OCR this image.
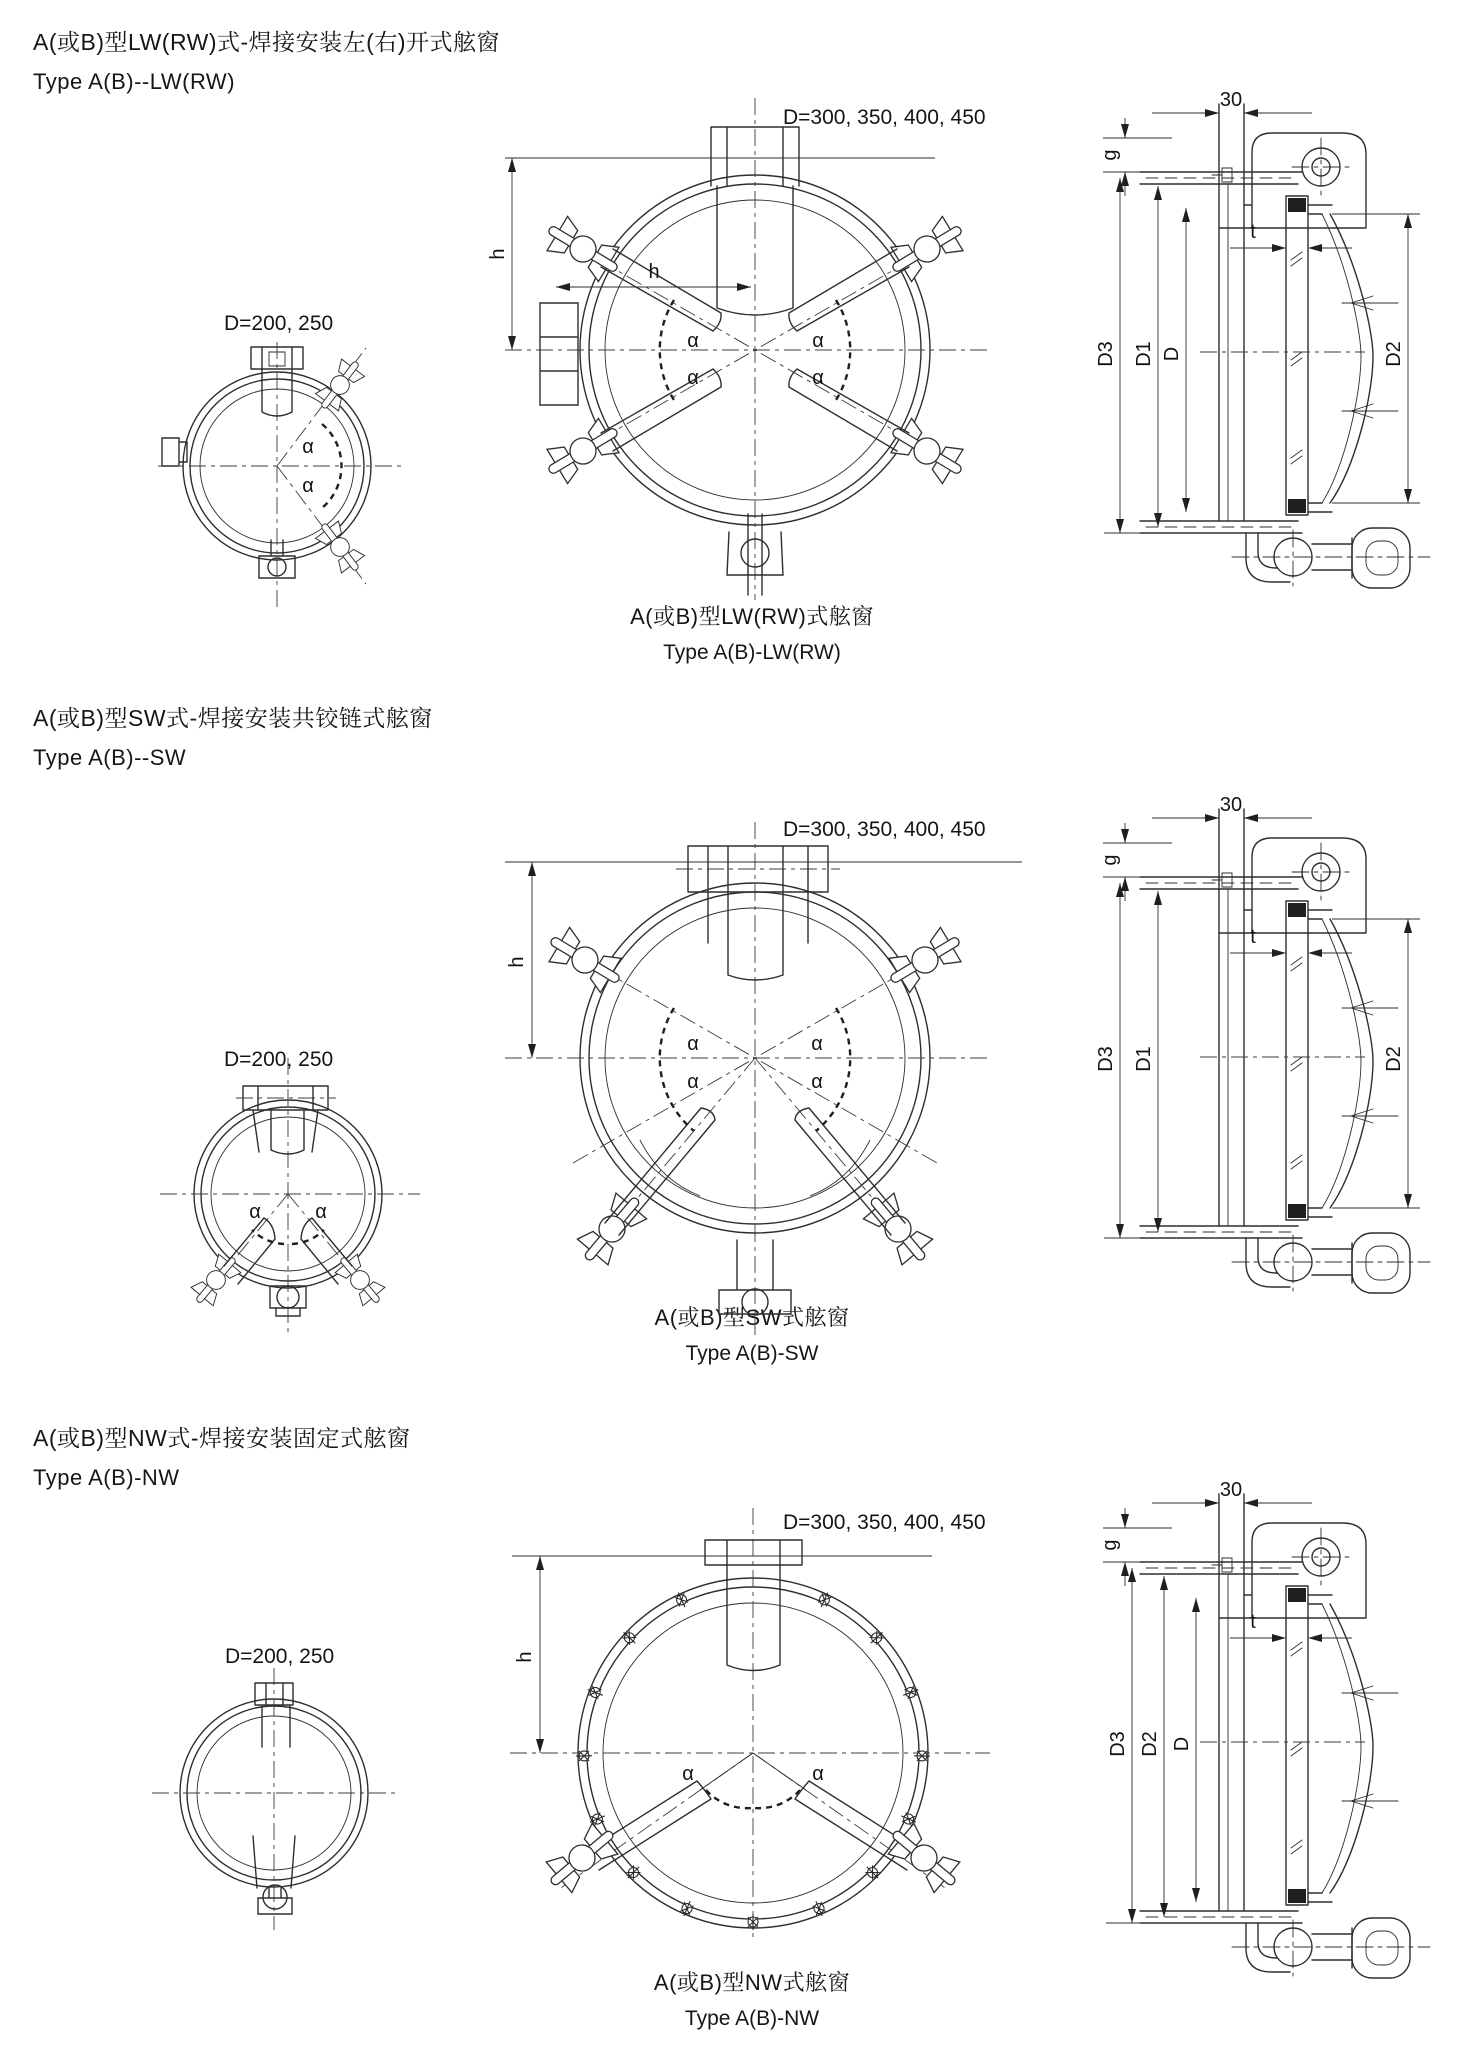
A(或B)型LW(RW)式-焊接安装左(右)开式舷窗
Type A(B)--LW(RW)
A(或B)型SW式-焊接安装共铰链式舷窗
Type A(B)--SW
A(或B)型NW式-焊接安装固定式舷窗
Type A(B)-NW
A(或B)型LW(RW)式舷窗
Type A(B)-LW(RW)
A(或B)型SW式舷窗
Type A(B)-SW
A(或B)型NW式舷窗
Type A(B)-NW
α
α
D=200, 250
α
α
α
α
h
h
D=300, 350, 400, 450
30
g
t
D3 D1 D	D2
α	α
D=200, 250
α
α
α
α
h
D=300, 350, 400, 450
30
g
t
D3 D1	D2
D=200, 250
α	α
h
D=300, 350, 400, 450
30
g
t
D3 D2 D
